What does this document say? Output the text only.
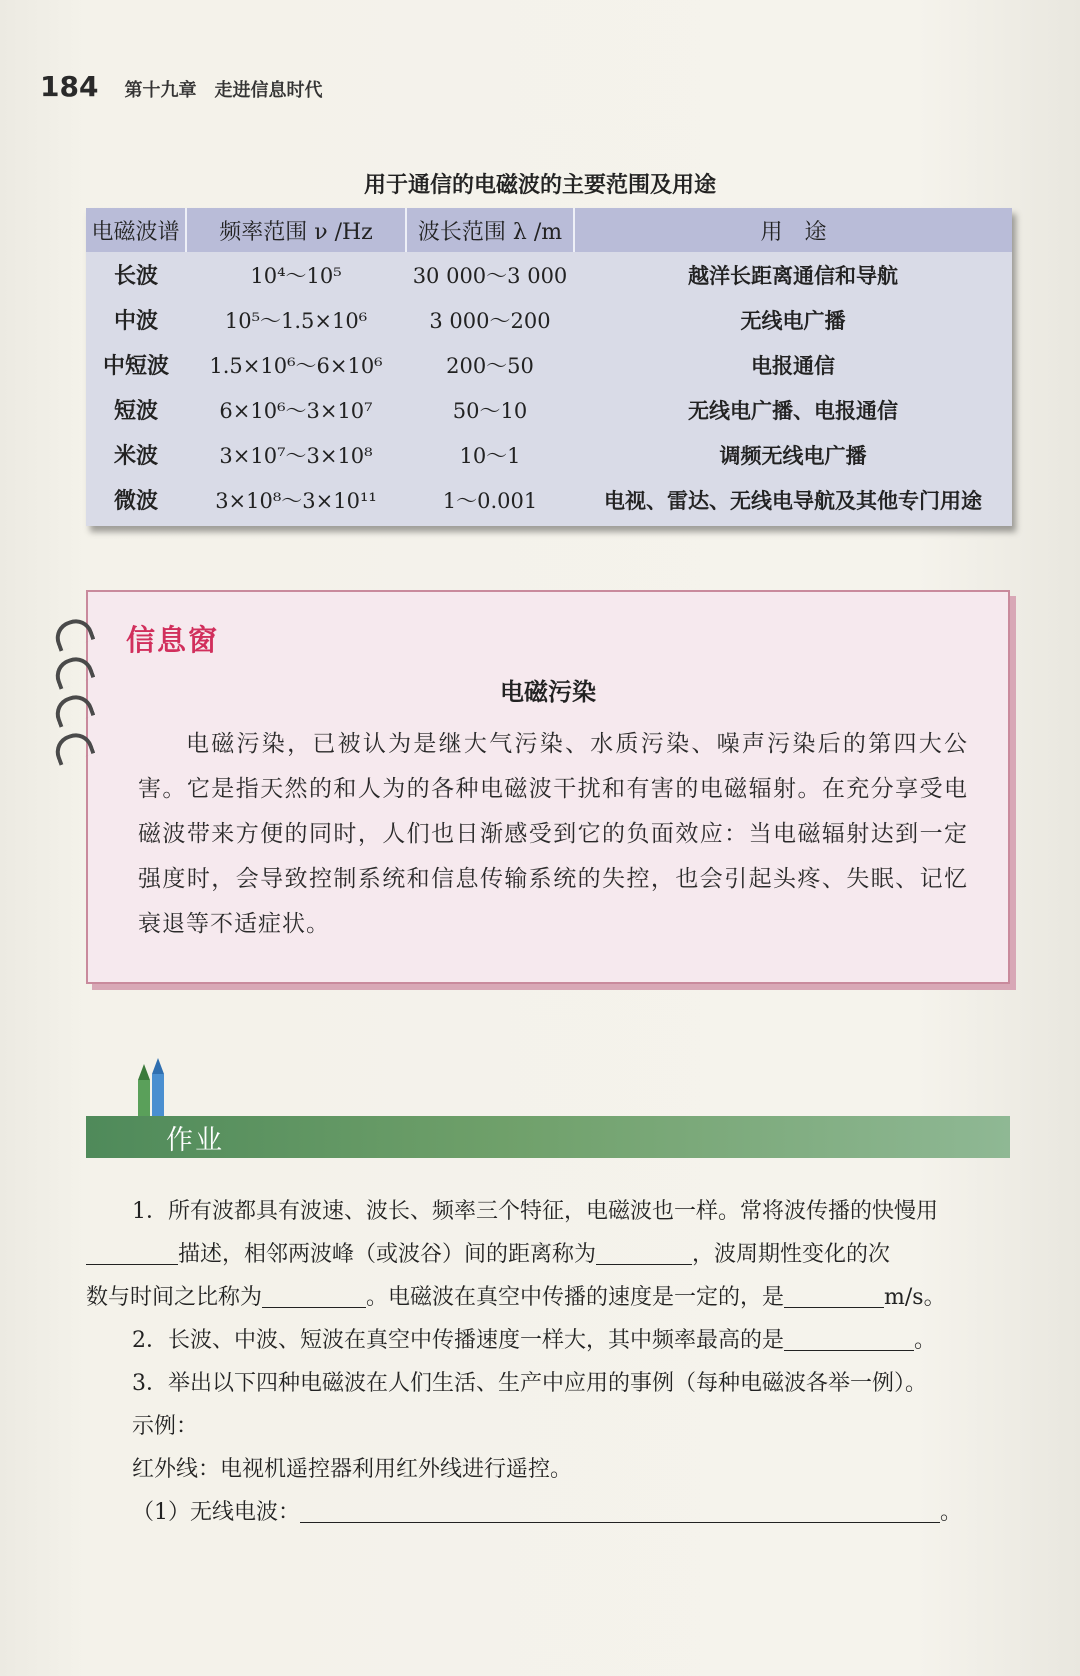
184 第十九章　走进信息时代
用于通信的电磁波的主要范围及用途
电磁波谱	频率范围 ν /Hz	波长范围 λ /m	用　途
长波	10⁴～10⁵	30 000～3 000	越洋长距离通信和导航
中波	10⁵～1.5×10⁶	3 000～200	无线电广播
中短波	1.5×10⁶～6×10⁶	200～50	电报通信
短波	6×10⁶～3×10⁷	50～10	无线电广播、电报通信
米波	3×10⁷～3×10⁸	10～1	调频无线电广播
微波	3×10⁸～3×10¹¹	1～0.001	电视、雷达、无线电导航及其他专门用途
信息窗
电磁污染
电磁污染，已被认为是继大气污染、水质污染、噪声污染后的第四大公害。它是指天然的和人为的各种电磁波干扰和有害的电磁辐射。在充分享受电磁波带来方便的同时，人们也日渐感受到它的负面效应：当电磁辐射达到一定强度时，会导致控制系统和信息传输系统的失控，也会引起头疼、失眠、记忆衰退等不适症状。
作业
1．所有波都具有波速、波长、频率三个特征，电磁波也一样。常将波传播的快慢用
描述，相邻两波峰（或波谷）间的距离称为	，波周期性变化的次
数与时间之比称为	。电磁波在真空中传播的速度是一定的，是	m/s。
2．长波、中波、短波在真空中传播速度一样大，其中频率最高的是	。
3．举出以下四种电磁波在人们生活、生产中应用的事例（每种电磁波各举一例）。
示例：
红外线：电视机遥控器利用红外线进行遥控。
（1）无线电波：	。
